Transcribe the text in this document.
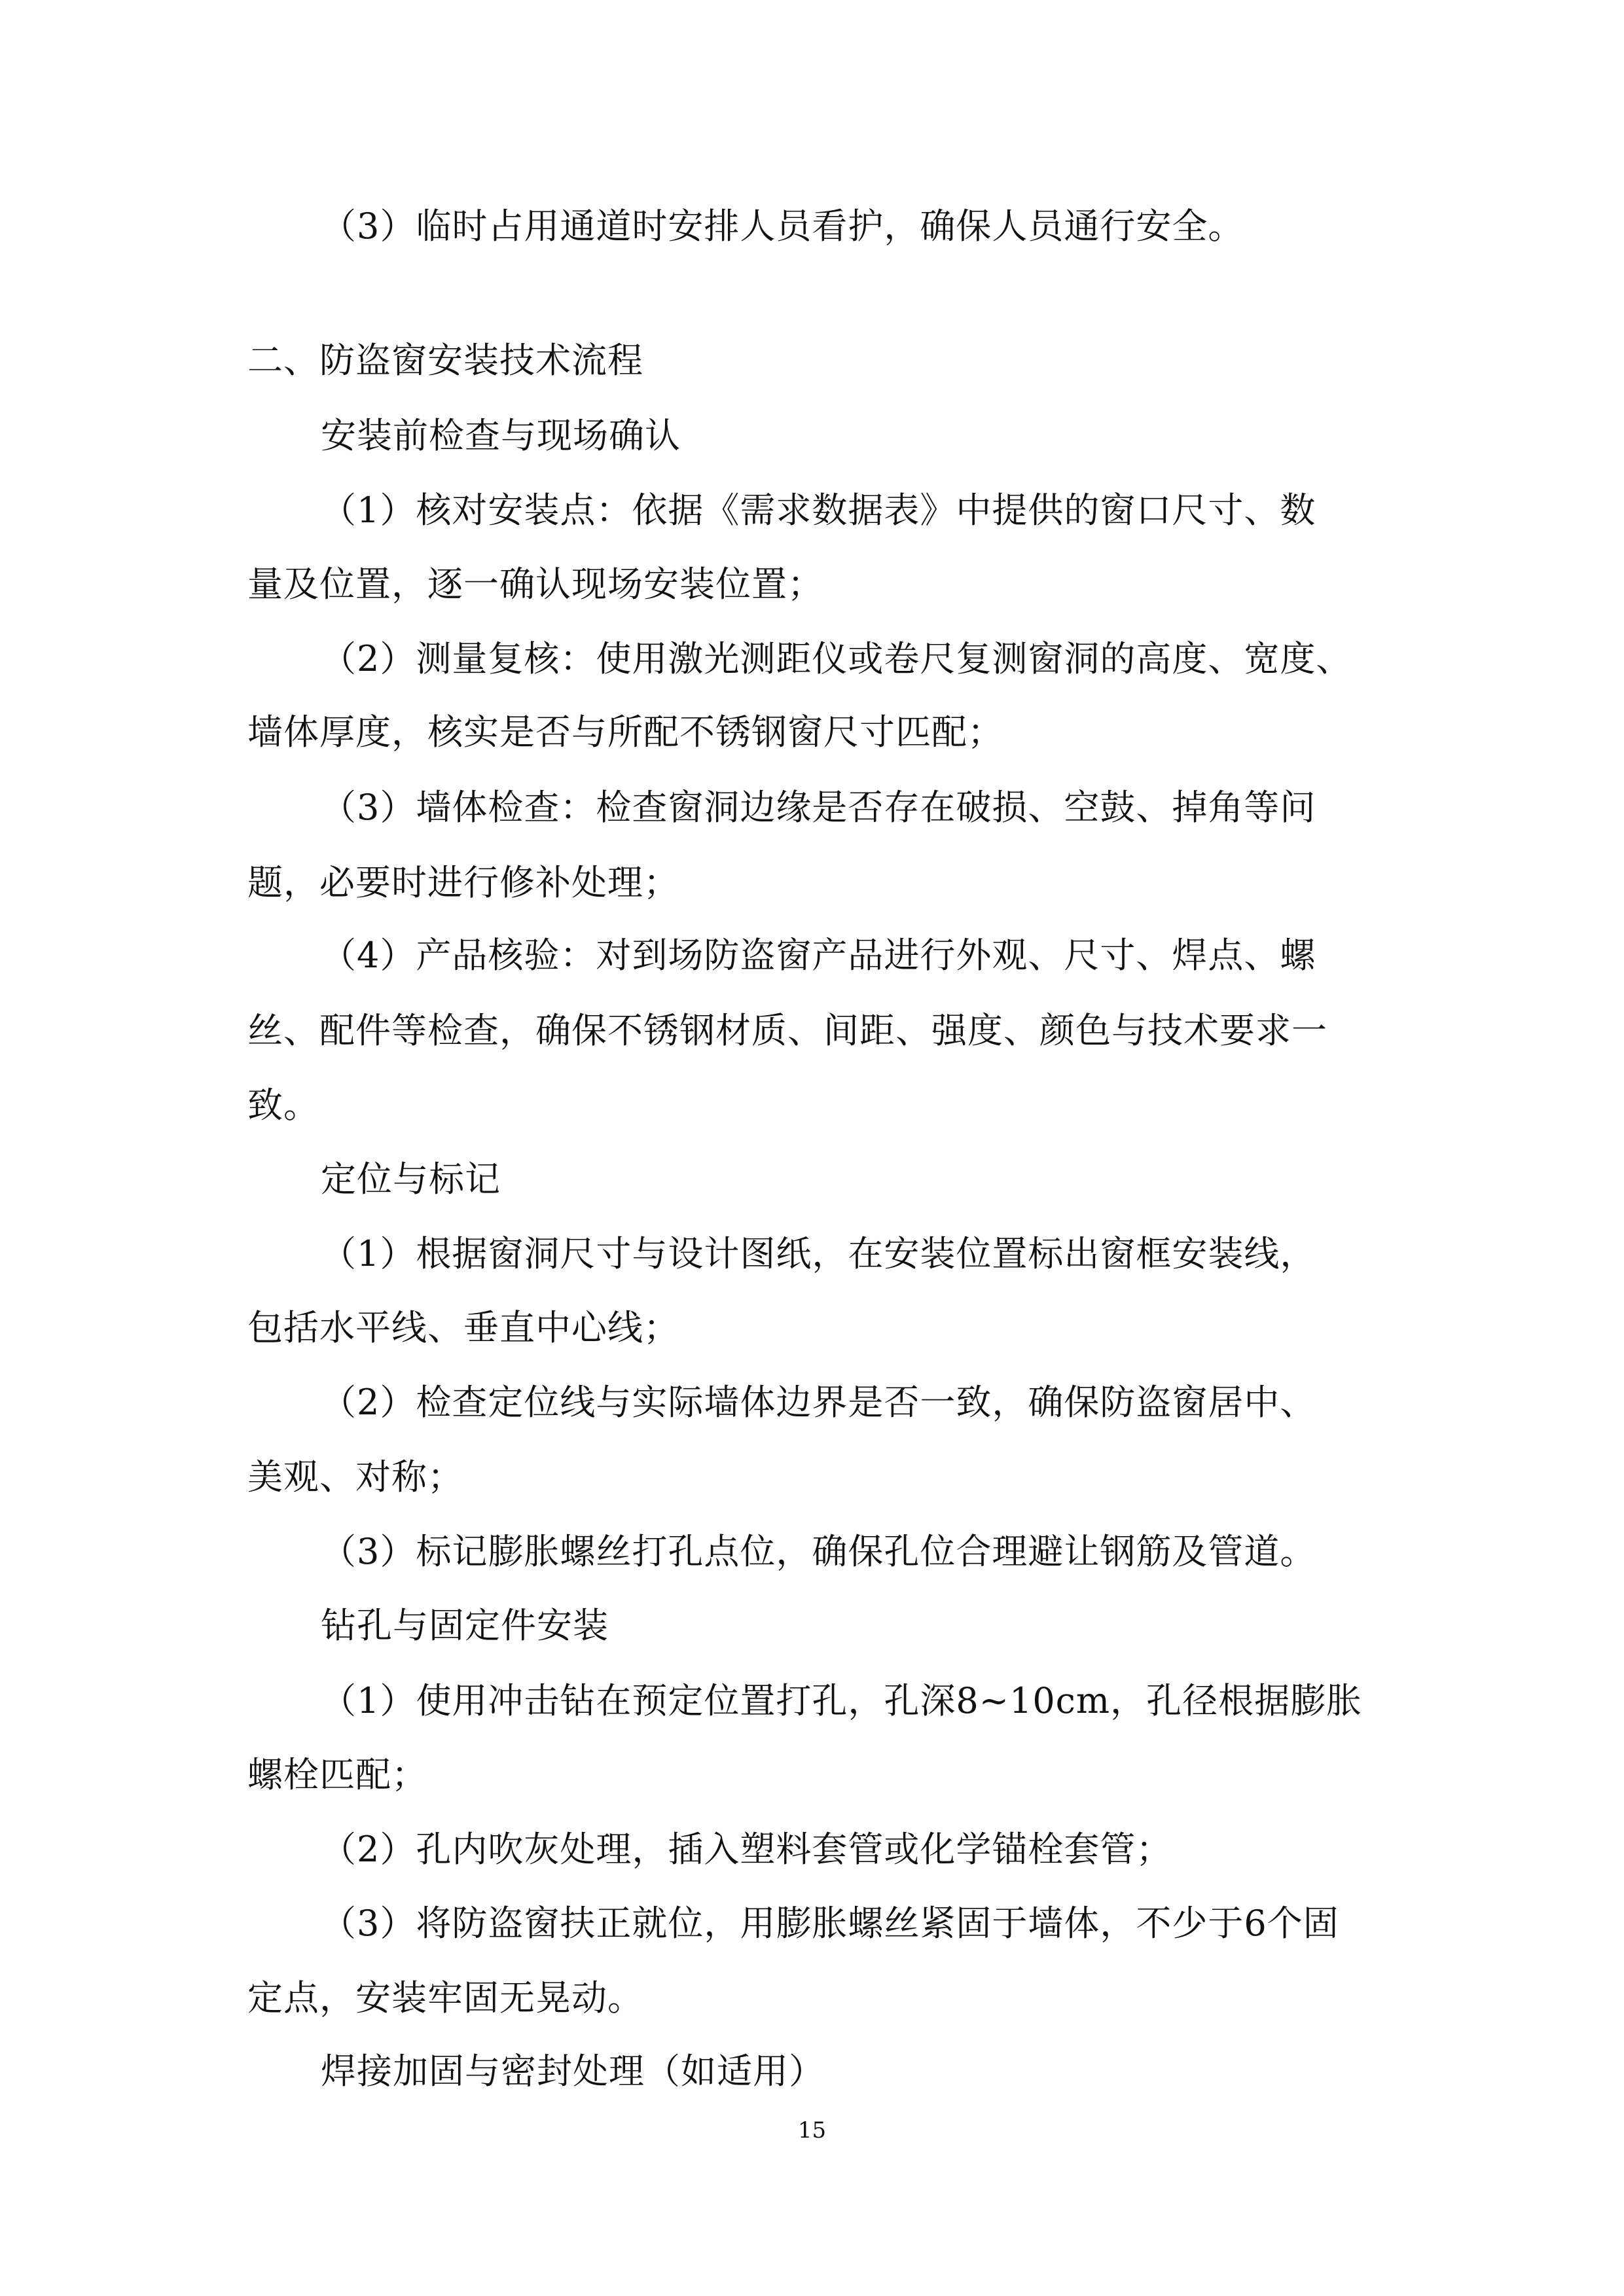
（3）临时占用通道时安排人员看护，确保人员通行安全。
二、防盗窗安装技术流程
安装前检查与现场确认
（1）核对安装点：依据《需求数据表》中提供的窗口尺寸、数
量及位置，逐一确认现场安装位置；
（2）测量复核：使用激光测距仪或卷尺复测窗洞的高度、宽度、
墙体厚度，核实是否与所配不锈钢窗尺寸匹配；
（3）墙体检查：检查窗洞边缘是否存在破损、空鼓、掉角等问
题，必要时进行修补处理；
（4）产品核验：对到场防盗窗产品进行外观、尺寸、焊点、螺
丝、配件等检查，确保不锈钢材质、间距、强度、颜色与技术要求一
致。
定位与标记
（1）根据窗洞尺寸与设计图纸，在安装位置标出窗框安装线，
包括水平线、垂直中心线；
（2）检查定位线与实际墙体边界是否一致，确保防盗窗居中、
美观、对称；
（3）标记膨胀螺丝打孔点位，确保孔位合理避让钢筋及管道。
钻孔与固定件安装
（1）使用冲击钻在预定位置打孔，孔深8~10cm，孔径根据膨胀
螺栓匹配；
（2）孔内吹灰处理，插入塑料套管或化学锚栓套管；
（3）将防盗窗扶正就位，用膨胀螺丝紧固于墙体，不少于6个固
定点，安装牢固无晃动。
焊接加固与密封处理（如适用）
15
